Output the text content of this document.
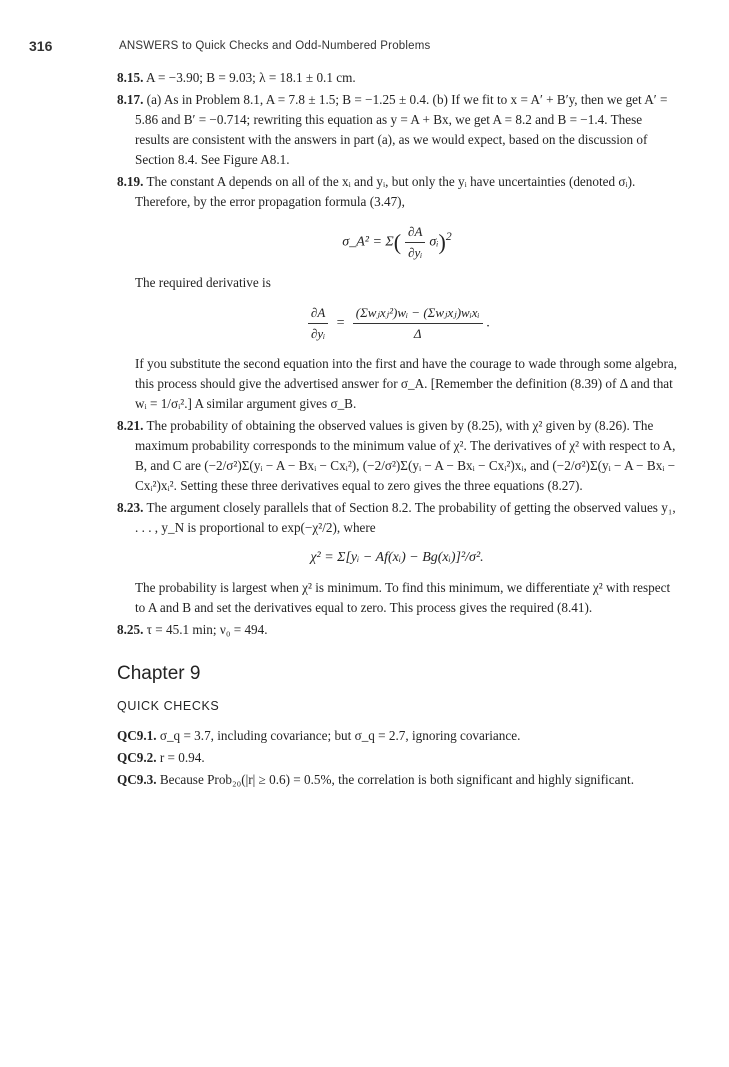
316	ANSWERS to Quick Checks and Odd-Numbered Problems

8.15. A = −3.90; B = 9.03; λ = 18.1 ± 0.1 cm.

8.17. (a) As in Problem 8.1, A = 7.8 ± 1.5; B = −1.25 ± 0.4. (b) If we fit to x = A′ + B′y, then we get A′ = 5.86 and B′ = −0.714; rewriting this equation as y = A + Bx, we get A = 8.2 and B = −1.4. These results are consistent with the answers in part (a), as we would expect, based on the discussion of Section 8.4. See Figure A8.1.

8.19. The constant A depends on all of the xᵢ and yᵢ, but only the yᵢ have uncertainties (denoted σᵢ). Therefore, by the error propagation formula (3.47),

σ_A² = $\Sigma( \frac{\partial A}{\text{∂yᵢ}}$ σᵢ)$^2$

The required derivative is

$\frac{\partial A}{\text{∂yᵢ}} = \frac{\text{(Σwⱼxⱼ²)wᵢ − (Σwⱼxⱼ)wᵢxᵢ}}{\Delta}$ .

If you substitute the second equation into the first and have the courage to wade through some algebra, this process should give the advertised answer for σ_A. [Remember the definition (8.39) of Δ and that wᵢ = 1/σᵢ².] A similar argument gives σ_B.

8.21. The probability of obtaining the observed values is given by (8.25), with χ² given by (8.26). The maximum probability corresponds to the minimum value of χ². The derivatives of χ² with respect to A, B, and C are (−2/σ²)Σ(yᵢ − A − Bxᵢ − Cxᵢ²), (−2/σ²)Σ(yᵢ − A − Bxᵢ − Cxᵢ²)xᵢ, and (−2/σ²)Σ(yᵢ − A − Bxᵢ − Cxᵢ²)xᵢ². Setting these three derivatives equal to zero gives the three equations (8.27).

8.23. The argument closely parallels that of Section 8.2. The probability of getting the observed values y₁, . . . , y_N is proportional to exp(−χ²/2), where

χ² = Σ[yᵢ − Af(xᵢ) − Bg(xᵢ)]²/σ².

The probability is largest when χ² is minimum. To find this minimum, we differentiate χ² with respect to A and B and set the derivatives equal to zero. This process gives the required (8.41).

8.25. τ = 45.1 min; ν₀ = 494.

Chapter 9
QUICK CHECKS

QC9.1. σ_q = 3.7, including covariance; but σ_q = 2.7, ignoring covariance.

QC9.2. r = 0.94.

QC9.3. Because Prob₂₀(|r| ≥ 0.6) = 0.5%, the correlation is both significant and highly significant.
